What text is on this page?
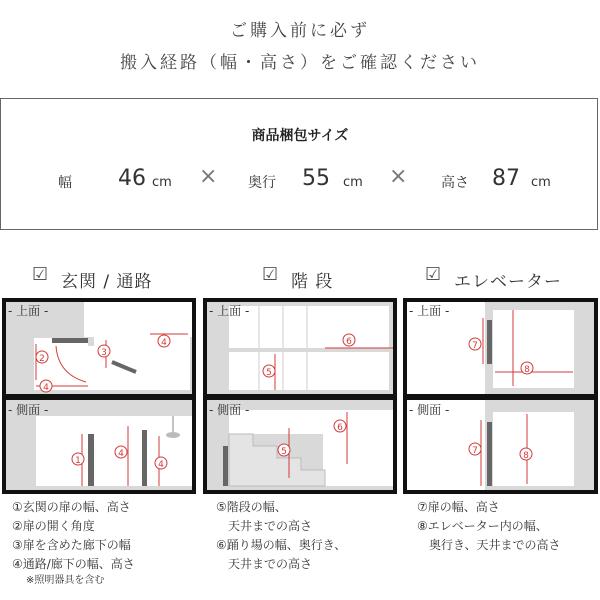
ご購入前に必ず
搬入経路（幅・高さ）をご確認ください
商品梱包サイズ
幅 46 cm × 奥行 55 cm × 高さ 87 cm
☑ 玄関 / 通路	☑ 階 段	☑ エレベーター
2
4
3
4
- 上面 -
1
4
4
- 側面 -
6
5
- 上面 -
5
6
- 側面 -
7
8
- 上面 -
7	8
- 側面 -
①玄関の扉の幅、高さ
②扉の開く角度
③扉を含めた廊下の幅
④通路/廊下の幅、高さ
※照明器具を含む
⑤階段の幅、
　天井までの高さ
⑥踊り場の幅、奥行き、
　天井までの高さ
⑦扉の幅、高さ
⑧エレベーター内の幅、
　奥行き、天井までの高さ
